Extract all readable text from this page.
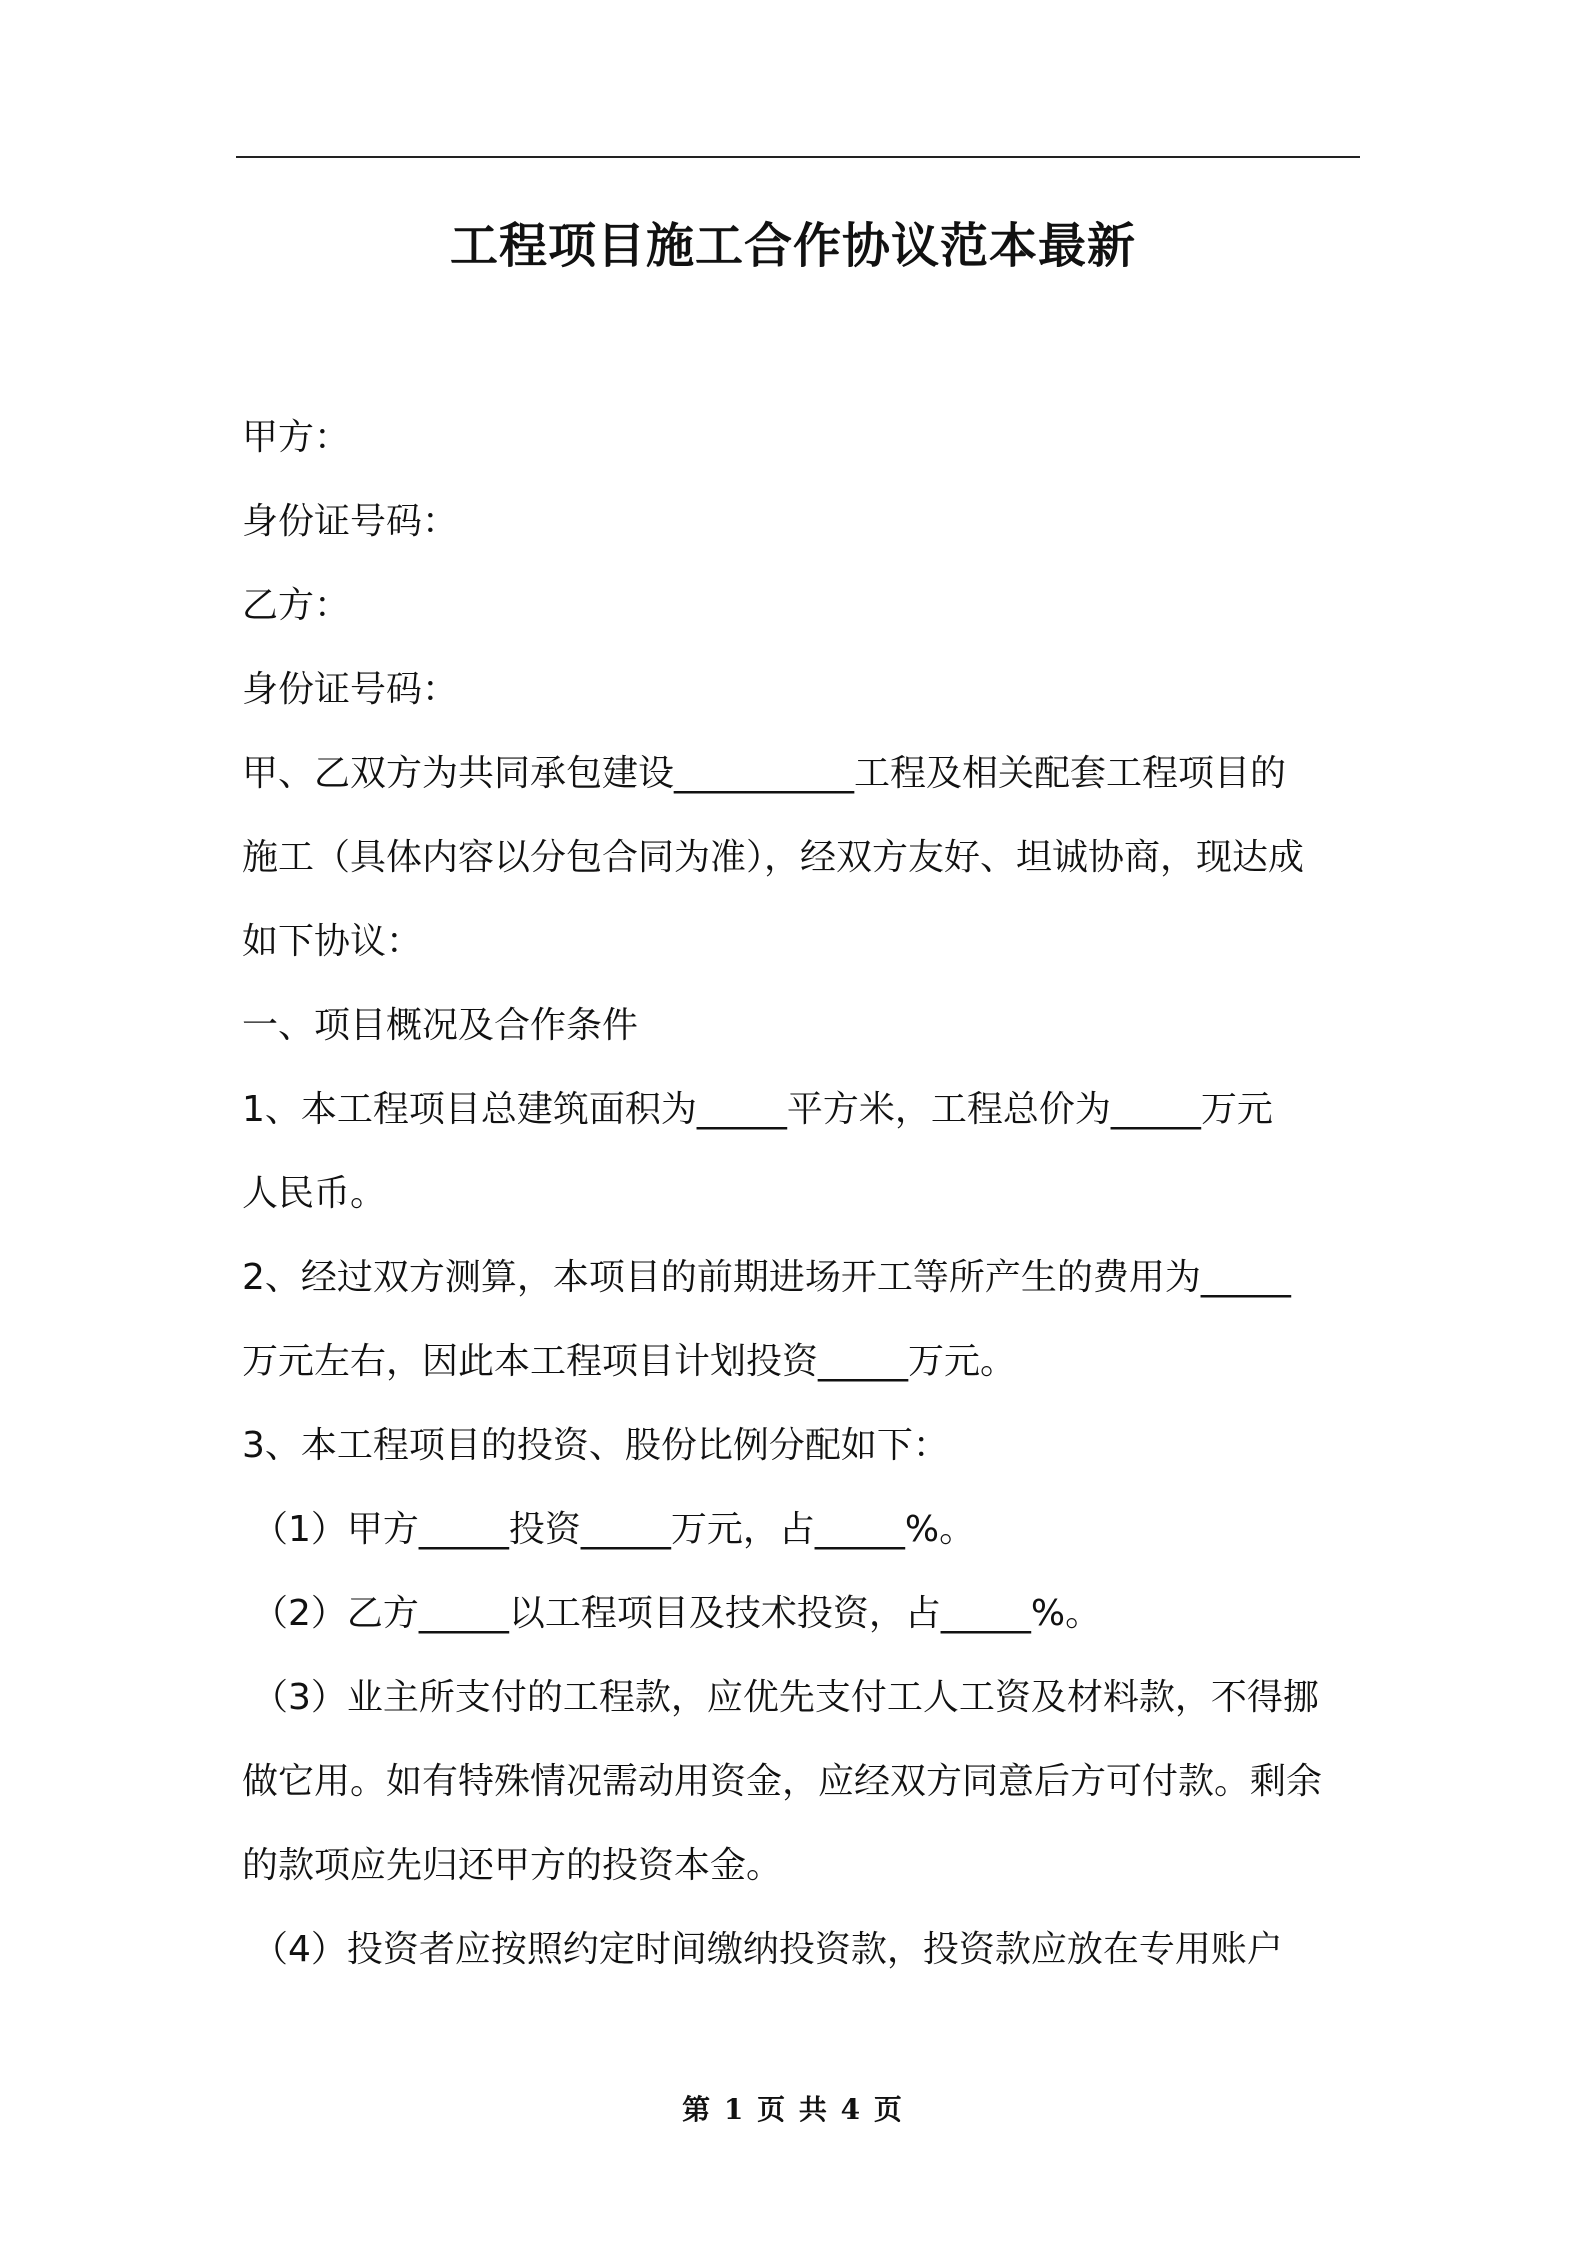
工程项目施工合作协议范本最新

甲方：

身份证号码：

乙方：

身份证号码：

甲、乙双方为共同承包建设__________工程及相关配套工程项目的

施工（具体内容以分包合同为准），经双方友好、坦诚协商，现达成

如下协议：

一、项目概况及合作条件

1、本工程项目总建筑面积为_____平方米，工程总价为_____万元

人民币。

2、经过双方测算，本项目的前期进场开工等所产生的费用为_____

万元左右，因此本工程项目计划投资_____万元。

3、本工程项目的投资、股份比例分配如下：

（1）甲方_____投资_____万元，占_____%。

（2）乙方_____以工程项目及技术投资，占_____%。

（3）业主所支付的工程款，应优先支付工人工资及材料款，不得挪

做它用。如有特殊情况需动用资金，应经双方同意后方可付款。剩余

的款项应先归还甲方的投资本金。

（4）投资者应按照约定时间缴纳投资款，投资款应放在专用账户

第 1 页 共 4 页
